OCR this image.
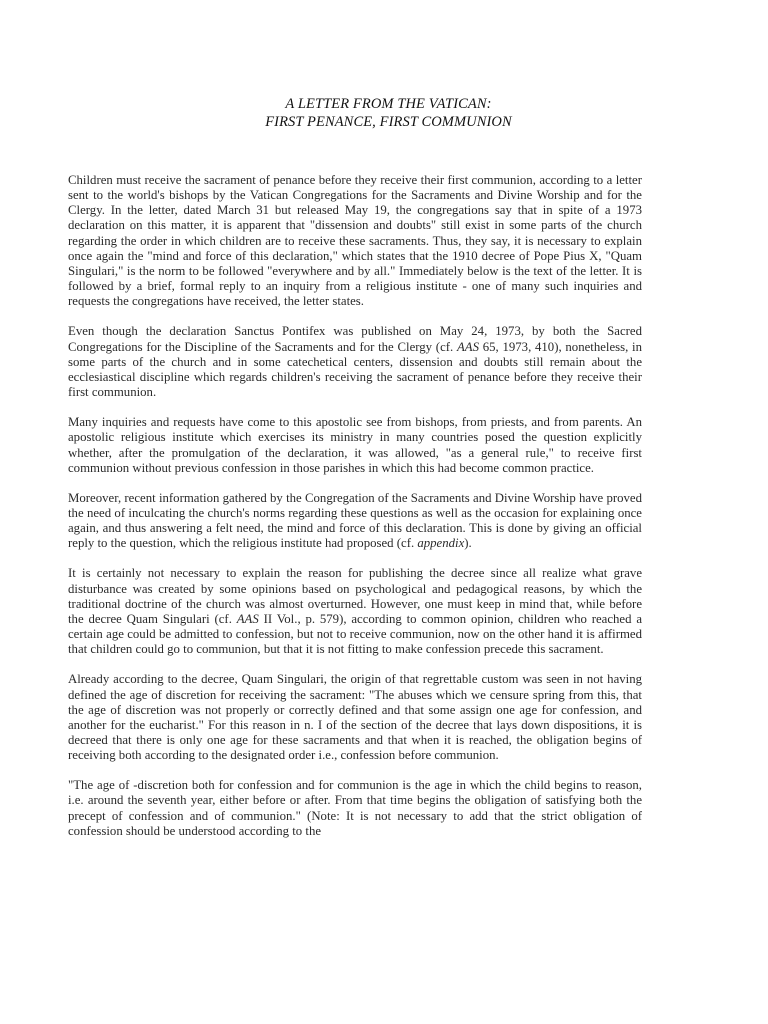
A LETTER FROM THE VATICAN:
FIRST PENANCE, FIRST COMMUNION

Children must receive the sacrament of penance before they receive their first communion, according to a letter sent to the world's bishops by the Vatican Congregations for the Sacraments and Divine Worship and for the Clergy. In the letter, dated March 31 but released May 19, the congregations say that in spite of a 1973 declaration on this matter, it is apparent that "dissension and doubts" still exist in some parts of the church regarding the order in which children are to receive these sacraments. Thus, they say, it is necessary to explain once again the "mind and force of this declaration," which states that the 1910 decree of Pope Pius X, "Quam Singulari," is the norm to be followed "everywhere and by all." Immediately below is the text of the letter. It is followed by a brief, formal reply to an inquiry from a religious institute - one of many such inquiries and requests the congregations have received, the letter states.

Even though the declaration Sanctus Pontifex was published on May 24, 1973, by both the Sacred Congregations for the Discipline of the Sacraments and for the Clergy (cf. AAS 65, 1973, 410), nonetheless, in some parts of the church and in some catechetical centers, dissension and doubts still remain about the ecclesiastical discipline which regards children's receiving the sacrament of penance before they receive their first communion.

Many inquiries and requests have come to this apostolic see from bishops, from priests, and from parents. An apostolic religious institute which exercises its ministry in many countries posed the question explicitly whether, after the promulgation of the declaration, it was allowed, "as a general rule," to receive first communion without previous confession in those parishes in which this had become common practice.

Moreover, recent information gathered by the Congregation of the Sacraments and Divine Worship have proved the need of inculcating the church's norms regarding these questions as well as the occasion for explaining once again, and thus answering a felt need, the mind and force of this declaration. This is done by giving an official reply to the question, which the religious institute had proposed (cf. appendix).

It is certainly not necessary to explain the reason for publishing the decree since all realize what grave disturbance was created by some opinions based on psychological and pedagogical reasons, by which the traditional doctrine of the church was almost overturned. However, one must keep in mind that, while before the decree Quam Singulari (cf. AAS II Vol., p. 579), according to common opinion, children who reached a certain age could be admitted to confession, but not to receive communion, now on the other hand it is affirmed that children could go to communion, but that it is not fitting to make confession precede this sacrament.

Already according to the decree, Quam Singulari, the origin of that regrettable custom was seen in not having defined the age of discretion for receiving the sacrament: "The abuses which we censure spring from this, that the age of discretion was not properly or correctly defined and that some assign one age for confession, and another for the eucharist." For this reason in n. I of the section of the decree that lays down dispositions, it is decreed that there is only one age for these sacraments and that when it is reached, the obligation begins of receiving both according to the designated order i.e., confession before communion.

"The age of -discretion both for confession and for communion is the age in which the child begins to reason, i.e. around the seventh year, either before or after. From that time begins the obligation of satisfying both the precept of confession and of communion." (Note: It is not necessary to add that the strict obligation of confession should be understood according to the
